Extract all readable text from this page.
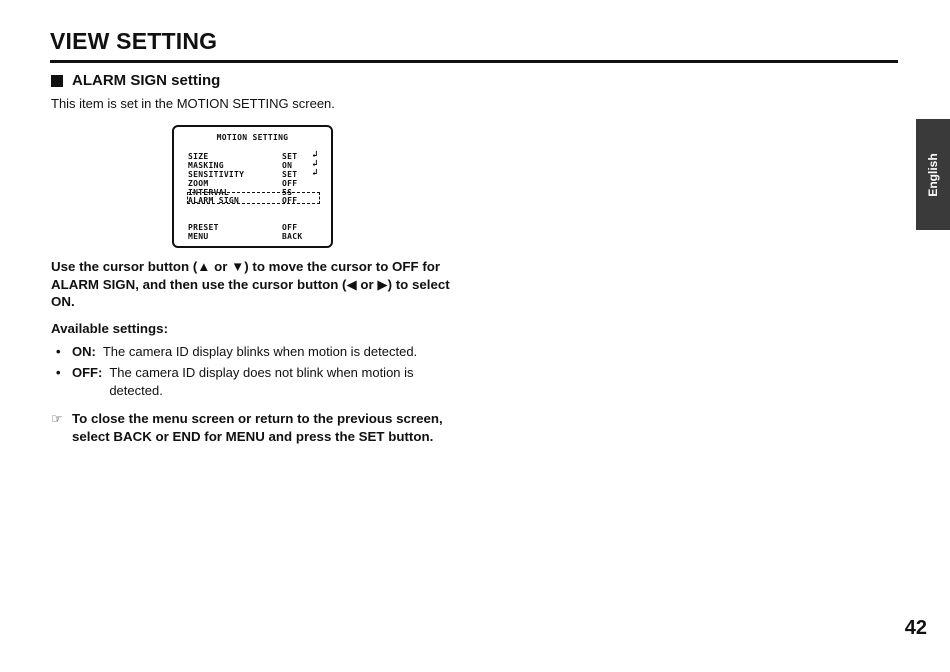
VIEW SETTING
ALARM SIGN setting
This item is set in the MOTION SETTING screen.
MOTION SETTING
SIZE	SET ↲
MASKING	ON ↲
SENSITIVITY	SET ↲
ZOOM	OFF
INTERVAL	5S
ALARM SIGN	OFF
PRESET	OFF
MENU	BACK
Use the cursor button (▲ or ▼) to move the cursor to OFF for ALARM SIGN, and then use the cursor button (◀ or ▶) to select ON.
Available settings:
• ON: The camera ID display blinks when motion is detected.
• OFF: The camera ID display does not blink when motion is detected.
☞ To close the menu screen or return to the previous screen, select BACK or END for MENU and press the SET button.
English
42
